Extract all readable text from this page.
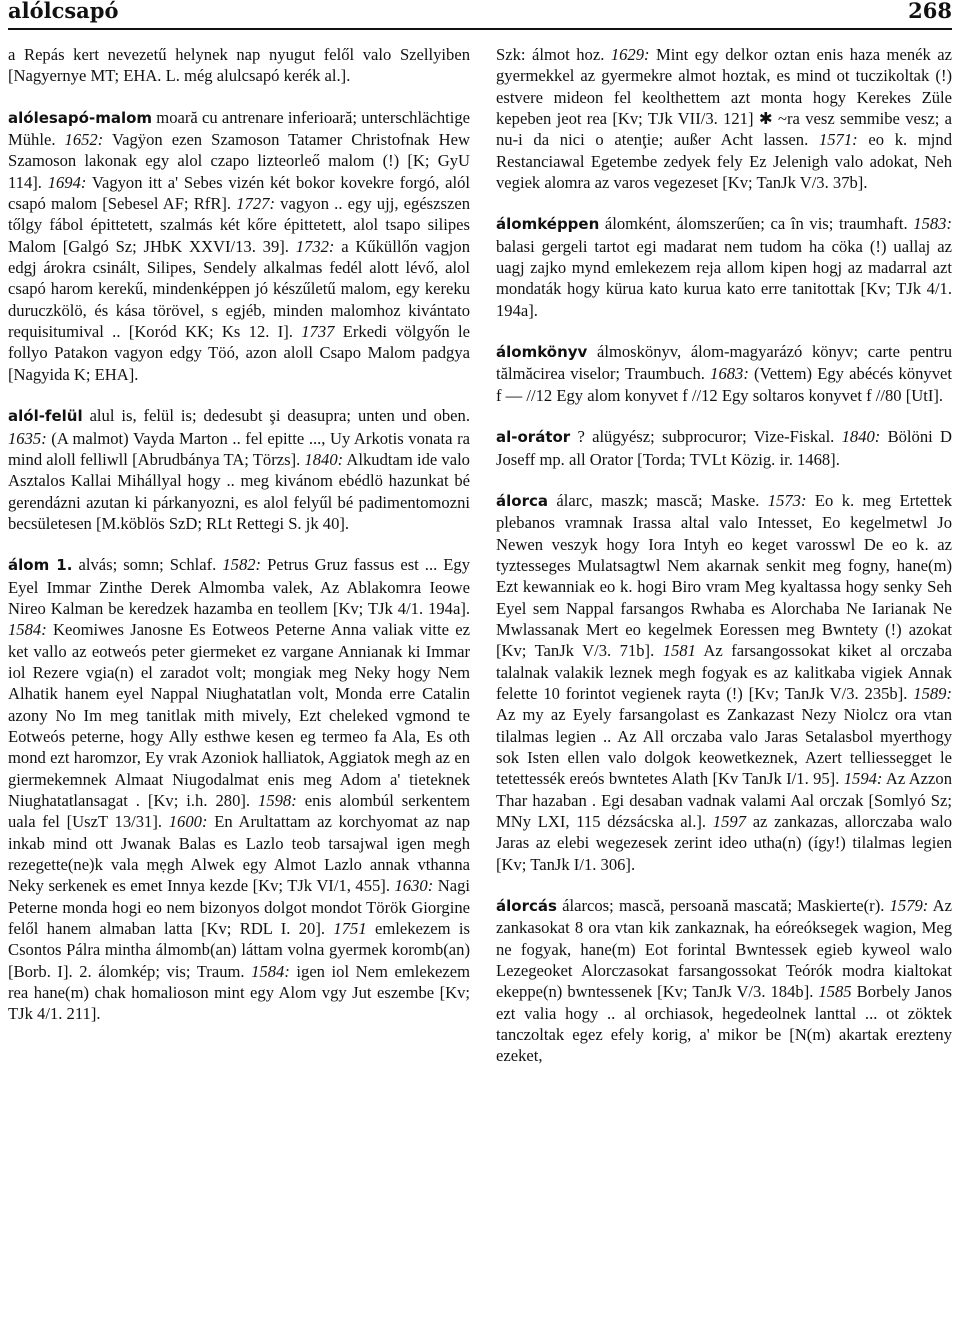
alólcsapó	268

a Repás kert nevezetű helynek nap nyugut felől valo Szellyiben [Nagyernye MT; EHA. L. még alulcsapó kerék al.].

alólesapó-malom moară cu antrenare inferioară; unterschlächtige Mühle. 1652: Vagÿon ezen Szamoson Tatamer Christofnak Hew Szamoson lakonak egy alol czapo lizteorleő malom (!) [K; GyU 114]. 1694: Vagyon itt a' Sebes vizén két bokor kovekre forgó, alól csapó malom [Sebesel AF; RfR]. 1727: vagyon .. egy ujj, egészszen tőlgy fábol épittetett, szalmás két kőre épittetett, alol tsapo silipes Malom [Galgó Sz; JHbK XXVI/13. 39]. 1732: a Kűküllőn vagjon edgj árokra csinált, Silipes, Sendely alkalmas fedél alott lévő, alol csapó harom kerekű, mindenképpen jó készűletű malom, egy kereku duruczkölö, és kása törövel, s egjéb, minden malomhoz kivántato requisitumival .. [Koród KK; Ks 12. I]. 1737 Erkedi völgyőn le follyo Patakon vagyon edgy Töó, azon aloll Csapo Malom padgya [Nagyida K; EHA].

alól-felül alul is, felül is; dedesubt şi deasupra; unten und oben. 1635: (A malmot) Vayda Marton .. fel epitte ..., Uy Arkotis vonata ra mind aloll felliwll [Abrudbánya TA; Törzs]. 1840: Alkudtam ide valo Asztalos Kallai Mihállyal hogy .. meg kivánom ebédlö hazunkat bé gerendázni azutan ki párkanyozni, es alol felyűl bé padimentomozni becsületesen [M.köblös SzD; RLt Rettegi S. jk 40].

álom 1. alvás; somn; Schlaf. 1582: Petrus Gruz fassus est ... Egy Eyel Immar Zinthe Derek Almomba valek, Az Ablakomra Ieowe Nireo Kalman be keredzek hazamba en teollem [Kv; TJk 4/1. 194a]. 1584: Keomiwes Janosne Es Eotweos Peterne Anna valiak vitte ez ket vallo az eotweós peter giermeket ez vargane Annianak ki Immar iol Rezere vgia(n) el zaradot volt; mongiak meg Neky hogy Nem Alhatik hanem eyel Nappal Niughatatlan volt, Monda erre Catalin azony No Im meg tanitlak mith mively, Ezt cheleked vgmond te Eotweós peterne, hogy Ally esthwe kesen eg termeo fa Ala, Es oth mond ezt haromzor, Ey vrak Azoniok halliatok, Aggiatok megh az en giermekemnek Almaat Niugodalmat enis meg Adom a' tieteknek Niughatatlansagat . [Kv; i.h. 280]. 1598: enis alombúl serkentem uala fel [UszT 13/31]. 1600: En Arultattam az korchyomat az nap inkab mind ott Jwanak Balas es Lazlo teob tarsajwal igen megh rezegette(ne)k vala mẹgh Alwek egy Almot Lazlo annak vthanna Neky serkenek es emet Innya kezde [Kv; TJk VI/1, 455]. 1630: Nagi Peterne monda hogi eo nem bizonyos dolgot mondot Török Giorgine felől hanem almaban latta [Kv; RDL I. 20]. 1751 emlekezem is Csontos Pálra mintha álmomb(an) láttam volna gyermek koromb(an) [Borb. I]. 2. álomkép; vis; Traum. 1584: igen iol Nem emlekezem rea hane(m) chak homalioson mint egy Alom vgy Jut eszembe [Kv; TJk 4/1. 211].

Szk: álmot hoz. 1629: Mint egy delkor oztan enis haza menék az gyermekkel az gyermekre almot hoztak, es mind ot tuczikoltak (!) estvere mideon fel keolthettem azt monta hogy Kerekes Züle kepeben jeot rea [Kv; TJk VII/3. 121] ✱ ~ra vesz semmibe vesz; a nu-i da nici o atenţie; außer Acht lassen. 1571: eo k. mjnd Restanciawal Egetembe zedyek fely Ez Jelenigh valo adokat, Neh vegiek alomra az varos vegezeset [Kv; TanJk V/3. 37b].

álomképpen álomként, álomszerűen; ca în vis; traumhaft. 1583: balasi gergeli tartot egi madarat nem tudom ha cöka (!) uallaj az uagj zajko mynd emlekezem reja allom kipen hogj az madarral azt mondaták hogy kürua kato kurua kato erre tanitottak [Kv; TJk 4/1. 194a].

álomkönyv álmoskönyv, álom-magyarázó könyv; carte pentru tălmăcirea viselor; Traumbuch. 1683: (Vettem) Egy abécés könyvet f — //12 Egy alom konyvet f //12 Egy soltaros konyvet f //80 [UtI].

al-orátor ? alügyész; subprocuror; Vize-Fiskal. 1840: Bölöni D Joseff mp. all Orator [Torda; TVLt Közig. ir. 1468].

álorca álarc, maszk; mască; Maske. 1573: Eo k. meg Ertettek plebanos vramnak Irassa altal valo Intesset, Eo kegelmetwl Jo Newen veszyk hogy Iora Intyh eo keget varosswl De eo k. az tyztesseges Mulatsagtwl Nem akarnak senkit meg fogny, hane(m) Ezt kewanniak eo k. hogi Biro vram Meg kyaltassa hogy senky Seh Eyel sem Nappal farsangos Rwhaba es Alorchaba Ne Iarianak Ne Mwlassanak Mert eo kegelmek Eoressen meg Bwntety (!) azokat [Kv; TanJk V/3. 71b]. 1581 Az farsangossokat kiket al orczaba talalnak valakik leznek megh fogyak es az kalitkaba vigiek Annak felette 10 forintot vegienek rayta (!) [Kv; TanJk V/3. 235b]. 1589: Az my az Eyely farsangolast es Zankazast Nezy Niolcz ora vtan tilalmas legien .. Az All orczaba valo Jaras Setalasbol myerthogy sok Isten ellen valo dolgok keowetkeznek, Azert telliessegget le tetettessék ereós bwntetes Alath [Kv TanJk I/1. 95]. 1594: Az Azzon Thar hazaban . Egi desaban vadnak valami Aal orczak [Somlyó Sz; MNy LXI, 115 dézsácska al.]. 1597 az zankazas, allorczaba walo Jaras az elebi wegezesek zerint ideo utha(n) (így!) tilalmas legien [Kv; TanJk I/1. 306].

álorcás álarcos; mască, persoană mascată; Maskierte(r). 1579: Az zankasokat 8 ora vtan kik zankaznak, ha eóreóksegek wagion, Meg ne fogyak, hane(m) Eot forintal Bwntessek egieb kyweol walo Lezegeoket Alorczasokat farsangossokat Teórók modra kialtokat ekeppe(n) bwntessenek [Kv; TanJk V/3. 184b]. 1585 Borbely Janos ezt valia hogy .. al orchiasok, hegedeolnek lanttal ... ot zöktek tanczoltak egez efely korig, a' mikor be [N(m) akartak erezteny ezeket,
